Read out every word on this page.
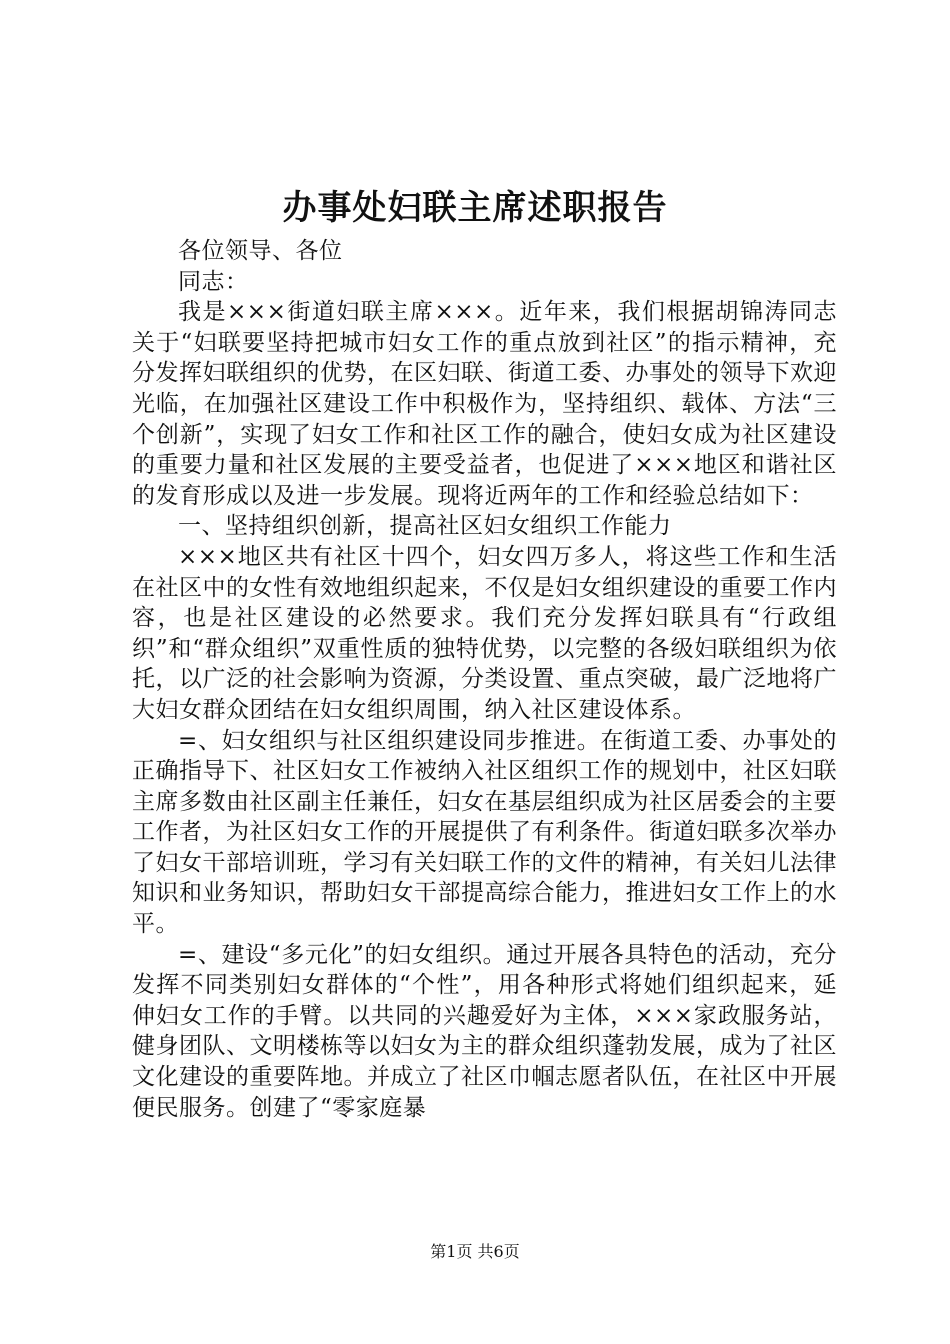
办事处妇联主席述职报告

各位领导、各位

同志：

我是×××街道妇联主席×××。近年来，我们根据胡锦涛同志关于“妇联要坚持把城市妇女工作的重点放到社区”的指示精神，充分发挥妇联组织的优势，在区妇联、街道工委、办事处的领导下欢迎光临，在加强社区建设工作中积极作为，坚持组织、载体、方法“三个创新”，实现了妇女工作和社区工作的融合，使妇女成为社区建设的重要力量和社区发展的主要受益者，也促进了×××地区和谐社区的发育形成以及进一步发展。现将近两年的工作和经验总结如下：

一、坚持组织创新，提高社区妇女组织工作能力

×××地区共有社区十四个，妇女四万多人，将这些工作和生活在社区中的女性有效地组织起来，不仅是妇女组织建设的重要工作内容，也是社区建设的必然要求。我们充分发挥妇联具有“行政组织”和“群众组织”双重性质的独特优势，以完整的各级妇联组织为依托，以广泛的社会影响为资源，分类设置、重点突破，最广泛地将广大妇女群众团结在妇女组织周围，纳入社区建设体系。

=、妇女组织与社区组织建设同步推进。在街道工委、办事处的正确指导下、社区妇女工作被纳入社区组织工作的规划中，社区妇联主席多数由社区副主任兼任，妇女在基层组织成为社区居委会的主要工作者，为社区妇女工作的开展提供了有利条件。街道妇联多次举办了妇女干部培训班，学习有关妇联工作的文件的精神，有关妇儿法律知识和业务知识，帮助妇女干部提高综合能力，推进妇女工作上的水平。

=、建设“多元化”的妇女组织。通过开展各具特色的活动，充分发挥不同类别妇女群体的“个性”，用各种形式将她们组织起来，延伸妇女工作的手臂。以共同的兴趣爱好为主体，×××家政服务站，健身团队、文明楼栋等以妇女为主的群众组织蓬勃发展，成为了社区文化建设的重要阵地。并成立了社区巾帼志愿者队伍，在社区中开展便民服务。创建了“零家庭暴

第1页 共6页
